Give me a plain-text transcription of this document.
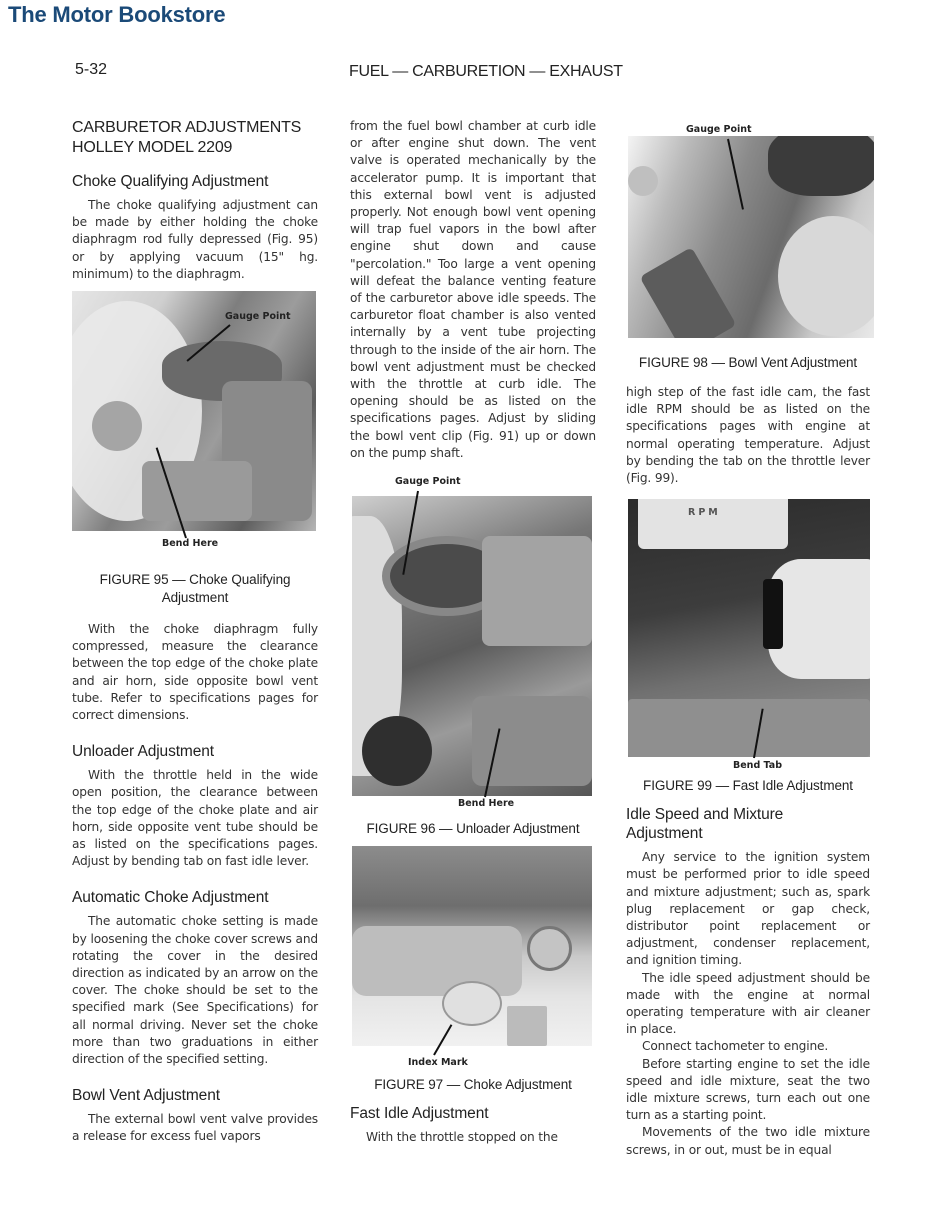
The Motor Bookstore
5-32	FUEL — CARBURETION — EXHAUST
CARBURETOR ADJUSTMENTS
HOLLEY MODEL 2209
Choke Qualifying Adjustment

The choke qualifying adjustment can be made by either holding the choke diaphragm rod fully depressed (Fig. 95) or by applying vacuum (15" hg. minimum) to the diaphragm.

Gauge Point
Bend Here
FIGURE 95 — Choke Qualifying
Adjustment

With the choke diaphragm fully compressed, measure the clearance between the top edge of the choke plate and air horn, side opposite bowl vent tube. Refer to specifications pages for correct dimensions.

Unloader Adjustment

With the throttle held in the wide open position, the clearance between the top edge of the choke plate and air horn, side opposite vent tube should be as listed on the specifications pages. Adjust by bending tab on fast idle lever.

Automatic Choke Adjustment

The automatic choke setting is made by loosening the choke cover screws and rotating the cover in the desired direction as indicated by an arrow on the cover. The choke should be set to the specified mark (See Specifications) for all normal driving. Never set the choke more than two graduations in either direction of the specified setting.

Bowl Vent Adjustment

The external bowl vent valve provides a release for excess fuel vapors

from the fuel bowl chamber at curb idle or after engine shut down. The vent valve is operated mechanically by the accelerator pump. It is important that this external bowl vent is adjusted properly. Not enough bowl vent opening will trap fuel vapors in the bowl after engine shut down and cause "percolation." Too large a vent opening will defeat the balance venting feature of the carburetor above idle speeds. The carburetor float chamber is also vented internally by a vent tube projecting through to the inside of the air horn. The bowl vent adjustment must be checked with the throttle at curb idle. The opening should be as listed on the specifications pages. Adjust by sliding the bowl vent clip (Fig. 91) up or down on the pump shaft.

Gauge Point
Bend Here
FIGURE 96 — Unloader Adjustment
Index Mark
FIGURE 97 — Choke Adjustment
Fast Idle Adjustment

With the throttle stopped on the

Gauge Point
FIGURE 98 — Bowl Vent Adjustment

high step of the fast idle cam, the fast idle RPM should be as listed on the specifications pages with engine at normal operating temperature. Adjust by bending the tab on the throttle lever (Fig. 99).

RPM
Bend Tab
FIGURE 99 — Fast Idle Adjustment
Idle Speed and Mixture
Adjustment

Any service to the ignition system must be performed prior to idle speed and mixture adjustment; such as, spark plug replacement or gap check, distributor point replacement or adjustment, condenser replacement, and ignition timing.

The idle speed adjustment should be made with the engine at normal operating temperature with air cleaner in place.

Connect tachometer to engine.

Before starting engine to set the idle speed and idle mixture, seat the two idle mixture screws, turn each out one turn as a starting point.

Movements of the two idle mixture screws, in or out, must be in equal
